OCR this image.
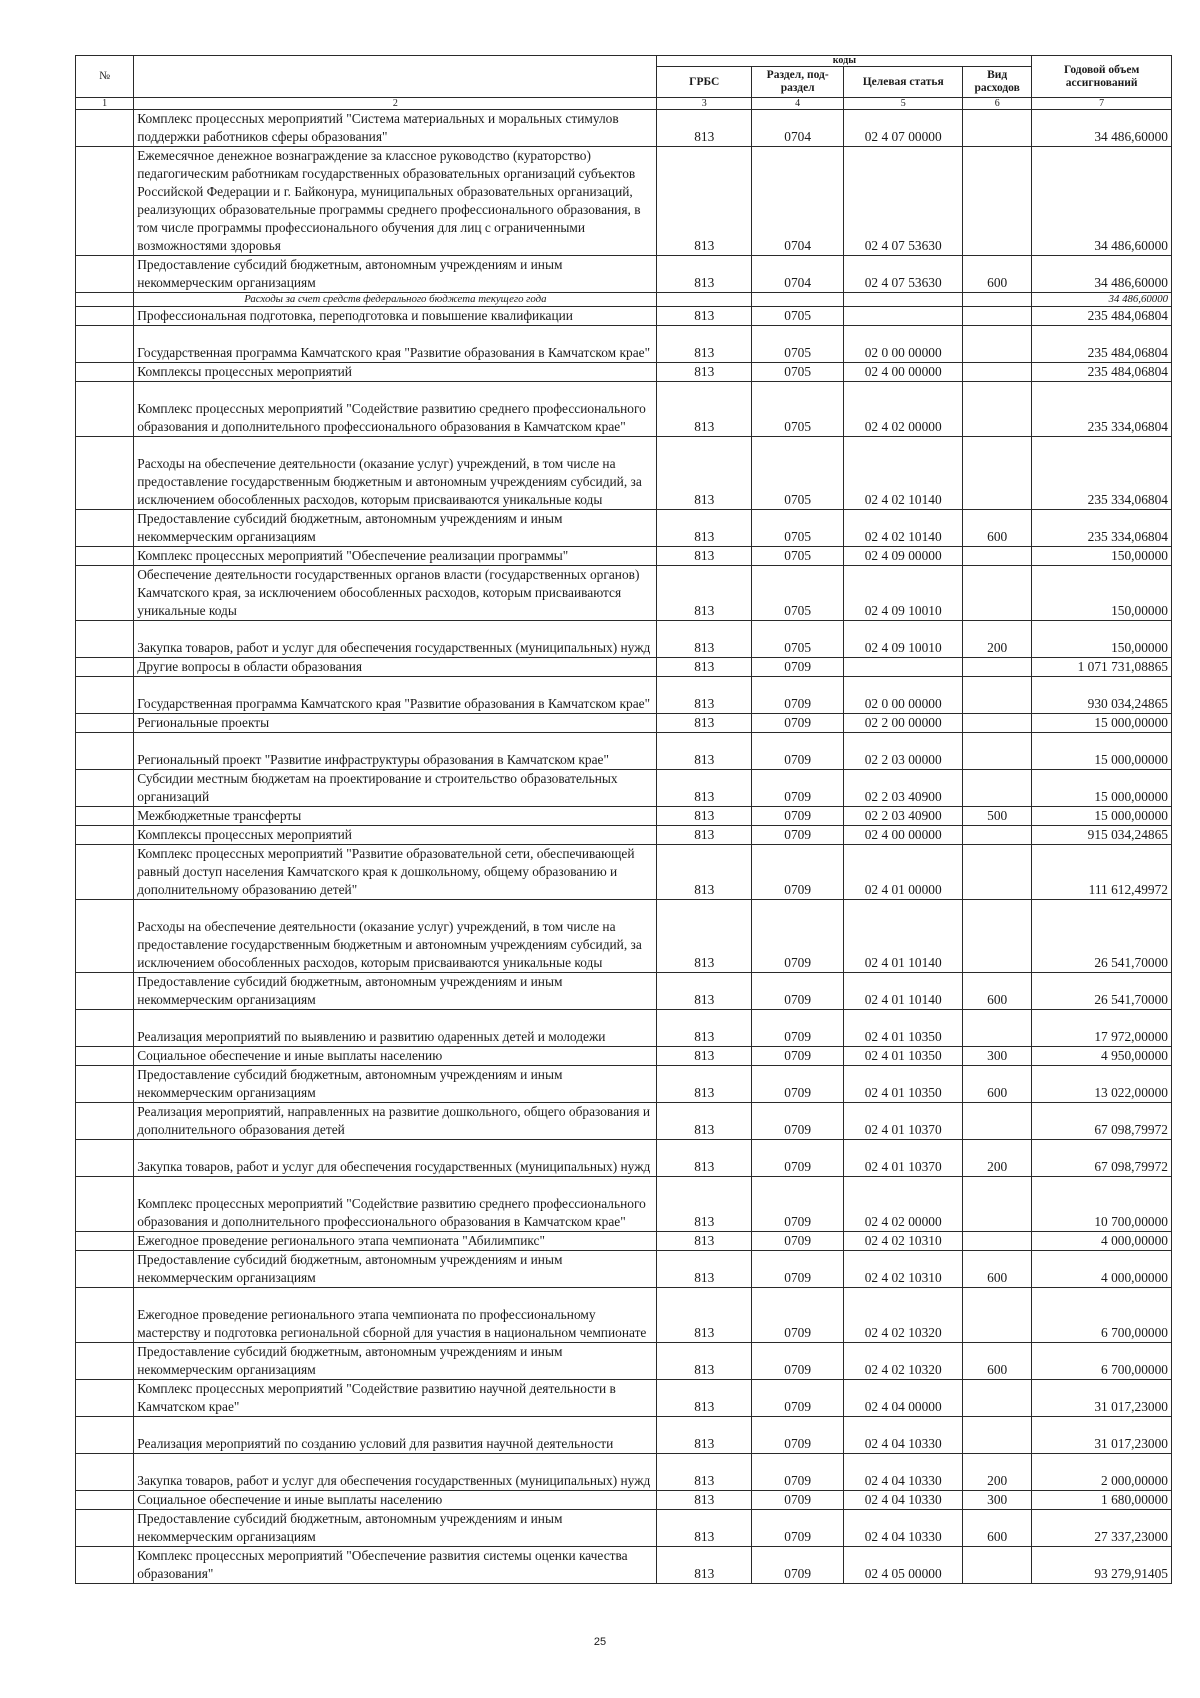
№		коды				Годовой объем ассигнований
		ГРБС	Раздел, под-раздел	Целевая статья	Вид расходов	
1	2	3	4	5	6	7
	Комплекс процессных мероприятий "Система материальных и моральных стимулов поддержки работников сферы образования"	813	0704	02 4 07 00000		34 486,60000
	Ежемесячное денежное вознаграждение за классное руководство (кураторство) педагогическим работникам государственных образовательных организаций субъектов Российской Федерации и г. Байконура, муниципальных образовательных организаций, реализующих образовательные программы среднего профессионального образования, в том числе программы профессионального обучения для лиц с ограниченными возможностями здоровья	813	0704	02 4 07 53630		34 486,60000
	Предоставление субсидий бюджетным, автономным учреждениям и иным некоммерческим организациям	813	0704	02 4 07 53630	600	34 486,60000
	Расходы за счет средств федерального бюджета текущего года					34 486,60000
	Профессиональная подготовка, переподготовка и повышение квалификации	813	0705			235 484,06804
	Государственная программа Камчатского края "Развитие образования в Камчатском крае"	813	0705	02 0 00 00000		235 484,06804
	Комплексы процессных мероприятий	813	0705	02 4 00 00000		235 484,06804
	Комплекс процессных мероприятий "Содействие развитию среднего профессионального образования и дополнительного профессионального образования в Камчатском крае"	813	0705	02 4 02 00000		235 334,06804
	Расходы на обеспечение деятельности (оказание услуг) учреждений, в том числе на предоставление государственным бюджетным и автономным учреждениям субсидий, за исключением обособленных расходов, которым присваиваются уникальные коды	813	0705	02 4 02 10140		235 334,06804
	Предоставление субсидий бюджетным, автономным учреждениям и иным некоммерческим организациям	813	0705	02 4 02 10140	600	235 334,06804
	Комплекс процессных мероприятий "Обеспечение реализации программы"	813	0705	02 4 09 00000		150,00000
	Обеспечение деятельности государственных органов власти (государственных органов) Камчатского края, за исключением обособленных расходов, которым присваиваются уникальные коды	813	0705	02 4 09 10010		150,00000
	Закупка товаров, работ и услуг для обеспечения государственных (муниципальных) нужд	813	0705	02 4 09 10010	200	150,00000
	Другие вопросы в области образования	813	0709			1 071 731,08865
	Государственная программа Камчатского края "Развитие образования в Камчатском крае"	813	0709	02 0 00 00000		930 034,24865
	Региональные проекты	813	0709	02 2 00 00000		15 000,00000
	Региональный проект "Развитие инфраструктуры образования в Камчатском крае"	813	0709	02 2 03 00000		15 000,00000
	Субсидии местным бюджетам на проектирование и строительство образовательных организаций	813	0709	02 2 03 40900		15 000,00000
	Межбюджетные трансферты	813	0709	02 2 03 40900	500	15 000,00000
	Комплексы процессных мероприятий	813	0709	02 4 00 00000		915 034,24865
	Комплекс процессных мероприятий "Развитие образовательной сети, обеспечивающей равный доступ населения Камчатского края к дошкольному, общему образованию и дополнительному образованию детей"	813	0709	02 4 01 00000		111 612,49972
	Расходы на обеспечение деятельности (оказание услуг) учреждений, в том числе на предоставление государственным бюджетным и автономным учреждениям субсидий, за исключением обособленных расходов, которым присваиваются уникальные коды	813	0709	02 4 01 10140		26 541,70000
	Предоставление субсидий бюджетным, автономным учреждениям и иным некоммерческим организациям	813	0709	02 4 01 10140	600	26 541,70000
	Реализация мероприятий по выявлению и развитию одаренных детей и молодежи	813	0709	02 4 01 10350		17 972,00000
	Социальное обеспечение и иные выплаты населению	813	0709	02 4 01 10350	300	4 950,00000
	Предоставление субсидий бюджетным, автономным учреждениям и иным некоммерческим организациям	813	0709	02 4 01 10350	600	13 022,00000
	Реализация мероприятий, направленных на развитие дошкольного, общего образования и дополнительного образования детей	813	0709	02 4 01 10370		67 098,79972
	Закупка товаров, работ и услуг для обеспечения государственных (муниципальных) нужд	813	0709	02 4 01 10370	200	67 098,79972
	Комплекс процессных мероприятий "Содействие развитию среднего профессионального образования и дополнительного профессионального образования в Камчатском крае"	813	0709	02 4 02 00000		10 700,00000
	Ежегодное проведение регионального этапа чемпионата "Абилимпикс"	813	0709	02 4 02 10310		4 000,00000
	Предоставление субсидий бюджетным, автономным учреждениям и иным некоммерческим организациям	813	0709	02 4 02 10310	600	4 000,00000
	Ежегодное проведение регионального этапа чемпионата по профессиональному мастерству и подготовка региональной сборной для участия в национальном чемпионате	813	0709	02 4 02 10320		6 700,00000
	Предоставление субсидий бюджетным, автономным учреждениям и иным некоммерческим организациям	813	0709	02 4 02 10320	600	6 700,00000
	Комплекс процессных мероприятий "Содействие развитию научной деятельности в Камчатском крае"	813	0709	02 4 04 00000		31 017,23000
	Реализация мероприятий по созданию условий для развития научной деятельности	813	0709	02 4 04 10330		31 017,23000
	Закупка товаров, работ и услуг для обеспечения государственных (муниципальных) нужд	813	0709	02 4 04 10330	200	2 000,00000
	Социальное обеспечение и иные выплаты населению	813	0709	02 4 04 10330	300	1 680,00000
	Предоставление субсидий бюджетным, автономным учреждениям и иным некоммерческим организациям	813	0709	02 4 04 10330	600	27 337,23000
	Комплекс процессных мероприятий "Обеспечение развития системы оценки качества образования"	813	0709	02 4 05 00000		93 279,91405
25
